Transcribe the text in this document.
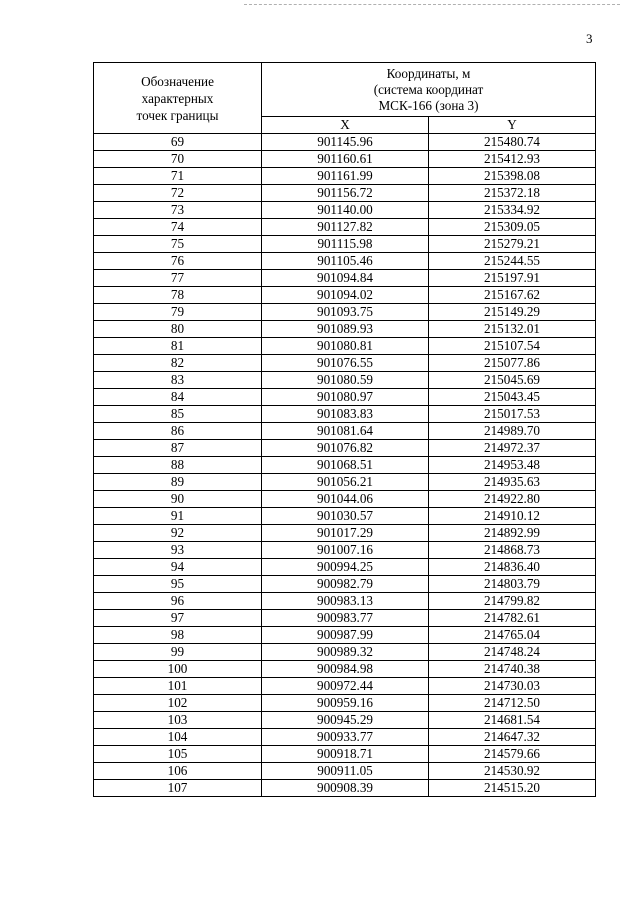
3
Обозначение
характерных
точек границы	Координаты, м
(система координат
МСК-166 (зона 3)	

	X	Y
69	901145.96	215480.74
70	901160.61	215412.93
71	901161.99	215398.08
72	901156.72	215372.18
73	901140.00	215334.92
74	901127.82	215309.05
75	901115.98	215279.21
76	901105.46	215244.55
77	901094.84	215197.91
78	901094.02	215167.62
79	901093.75	215149.29
80	901089.93	215132.01
81	901080.81	215107.54
82	901076.55	215077.86
83	901080.59	215045.69
84	901080.97	215043.45
85	901083.83	215017.53
86	901081.64	214989.70
87	901076.82	214972.37
88	901068.51	214953.48
89	901056.21	214935.63
90	901044.06	214922.80
91	901030.57	214910.12
92	901017.29	214892.99
93	901007.16	214868.73
94	900994.25	214836.40
95	900982.79	214803.79
96	900983.13	214799.82
97	900983.77	214782.61
98	900987.99	214765.04
99	900989.32	214748.24
100	900984.98	214740.38
101	900972.44	214730.03
102	900959.16	214712.50
103	900945.29	214681.54
104	900933.77	214647.32
105	900918.71	214579.66
106	900911.05	214530.92
107	900908.39	214515.20
